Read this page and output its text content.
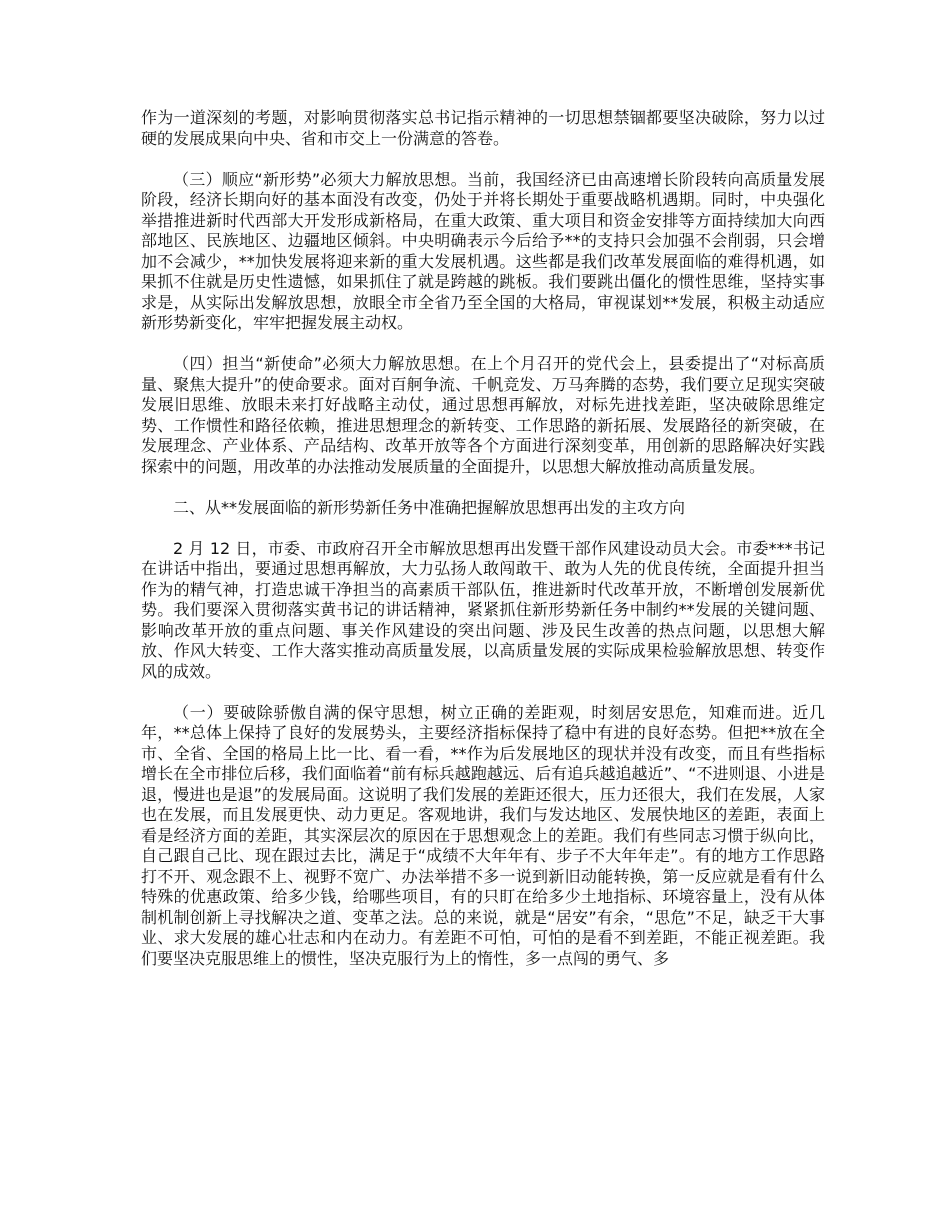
作为一道深刻的考题，对影响贯彻落实总书记指示精神的一切思想禁锢都要坚决破除，努力以过硬的发展成果向中央、省和市交上一份满意的答卷。

（三）顺应“新形势”必须大力解放思想。当前，我国经济已由高速增长阶段转向高质量发展阶段，经济长期向好的基本面没有改变，仍处于并将长期处于重要战略机遇期。同时，中央强化举措推进新时代西部大开发形成新格局，在重大政策、重大项目和资金安排等方面持续加大向西部地区、民族地区、边疆地区倾斜。中央明确表示今后给予**的支持只会加强不会削弱，只会增加不会减少，**加快发展将迎来新的重大发展机遇。这些都是我们改革发展面临的难得机遇，如果抓不住就是历史性遗憾，如果抓住了就是跨越的跳板。我们要跳出僵化的惯性思维，坚持实事求是，从实际出发解放思想，放眼全市全省乃至全国的大格局，审视谋划**发展，积极主动适应新形势新变化，牢牢把握发展主动权。

（四）担当“新使命”必须大力解放思想。在上个月召开的党代会上，县委提出了“对标高质量、聚焦大提升”的使命要求。面对百舸争流、千帆竞发、万马奔腾的态势，我们要立足现实突破发展旧思维、放眼未来打好战略主动仗，通过思想再解放，对标先进找差距，坚决破除思维定势、工作惯性和路径依赖，推进思想理念的新转变、工作思路的新拓展、发展路径的新突破，在发展理念、产业体系、产品结构、改革开放等各个方面进行深刻变革，用创新的思路解决好实践探索中的问题，用改革的办法推动发展质量的全面提升，以思想大解放推动高质量发展。

二、从**发展面临的新形势新任务中准确把握解放思想再出发的主攻方向

2 月 12 日，市委、市政府召开全市解放思想再出发暨干部作风建设动员大会。市委***书记在讲话中指出，要通过思想再解放，大力弘扬人敢闯敢干、敢为人先的优良传统，全面提升担当作为的精气神，打造忠诚干净担当的高素质干部队伍，推进新时代改革开放，不断增创发展新优势。我们要深入贯彻落实黄书记的讲话精神，紧紧抓住新形势新任务中制约**发展的关键问题、影响改革开放的重点问题、事关作风建设的突出问题、涉及民生改善的热点问题，以思想大解放、作风大转变、工作大落实推动高质量发展，以高质量发展的实际成果检验解放思想、转变作风的成效。

（一）要破除骄傲自满的保守思想，树立正确的差距观，时刻居安思危，知难而进。近几年，**总体上保持了良好的发展势头，主要经济指标保持了稳中有进的良好态势。但把**放在全市、全省、全国的格局上比一比、看一看，**作为后发展地区的现状并没有改变，而且有些指标增长在全市排位后移，我们面临着“前有标兵越跑越远、后有追兵越追越近”、“不进则退、小进是退，慢进也是退”的发展局面。这说明了我们发展的差距还很大，压力还很大，我们在发展，人家也在发展，而且发展更快、动力更足。客观地讲，我们与发达地区、发展快地区的差距，表面上看是经济方面的差距，其实深层次的原因在于思想观念上的差距。我们有些同志习惯于纵向比，自己跟自己比、现在跟过去比，满足于“成绩不大年年有、步子不大年年走”。有的地方工作思路打不开、观念跟不上、视野不宽广、办法举措不多一说到新旧动能转换，第一反应就是看有什么特殊的优惠政策、给多少钱，给哪些项目，有的只盯在给多少土地指标、环境容量上，没有从体制机制创新上寻找解决之道、变革之法。总的来说，就是“居安”有余，“思危”不足，缺乏干大事业、求大发展的雄心壮志和内在动力。有差距不可怕，可怕的是看不到差距，不能正视差距。我们要坚决克服思维上的惯性，坚决克服行为上的惰性，多一点闯的勇气、多
